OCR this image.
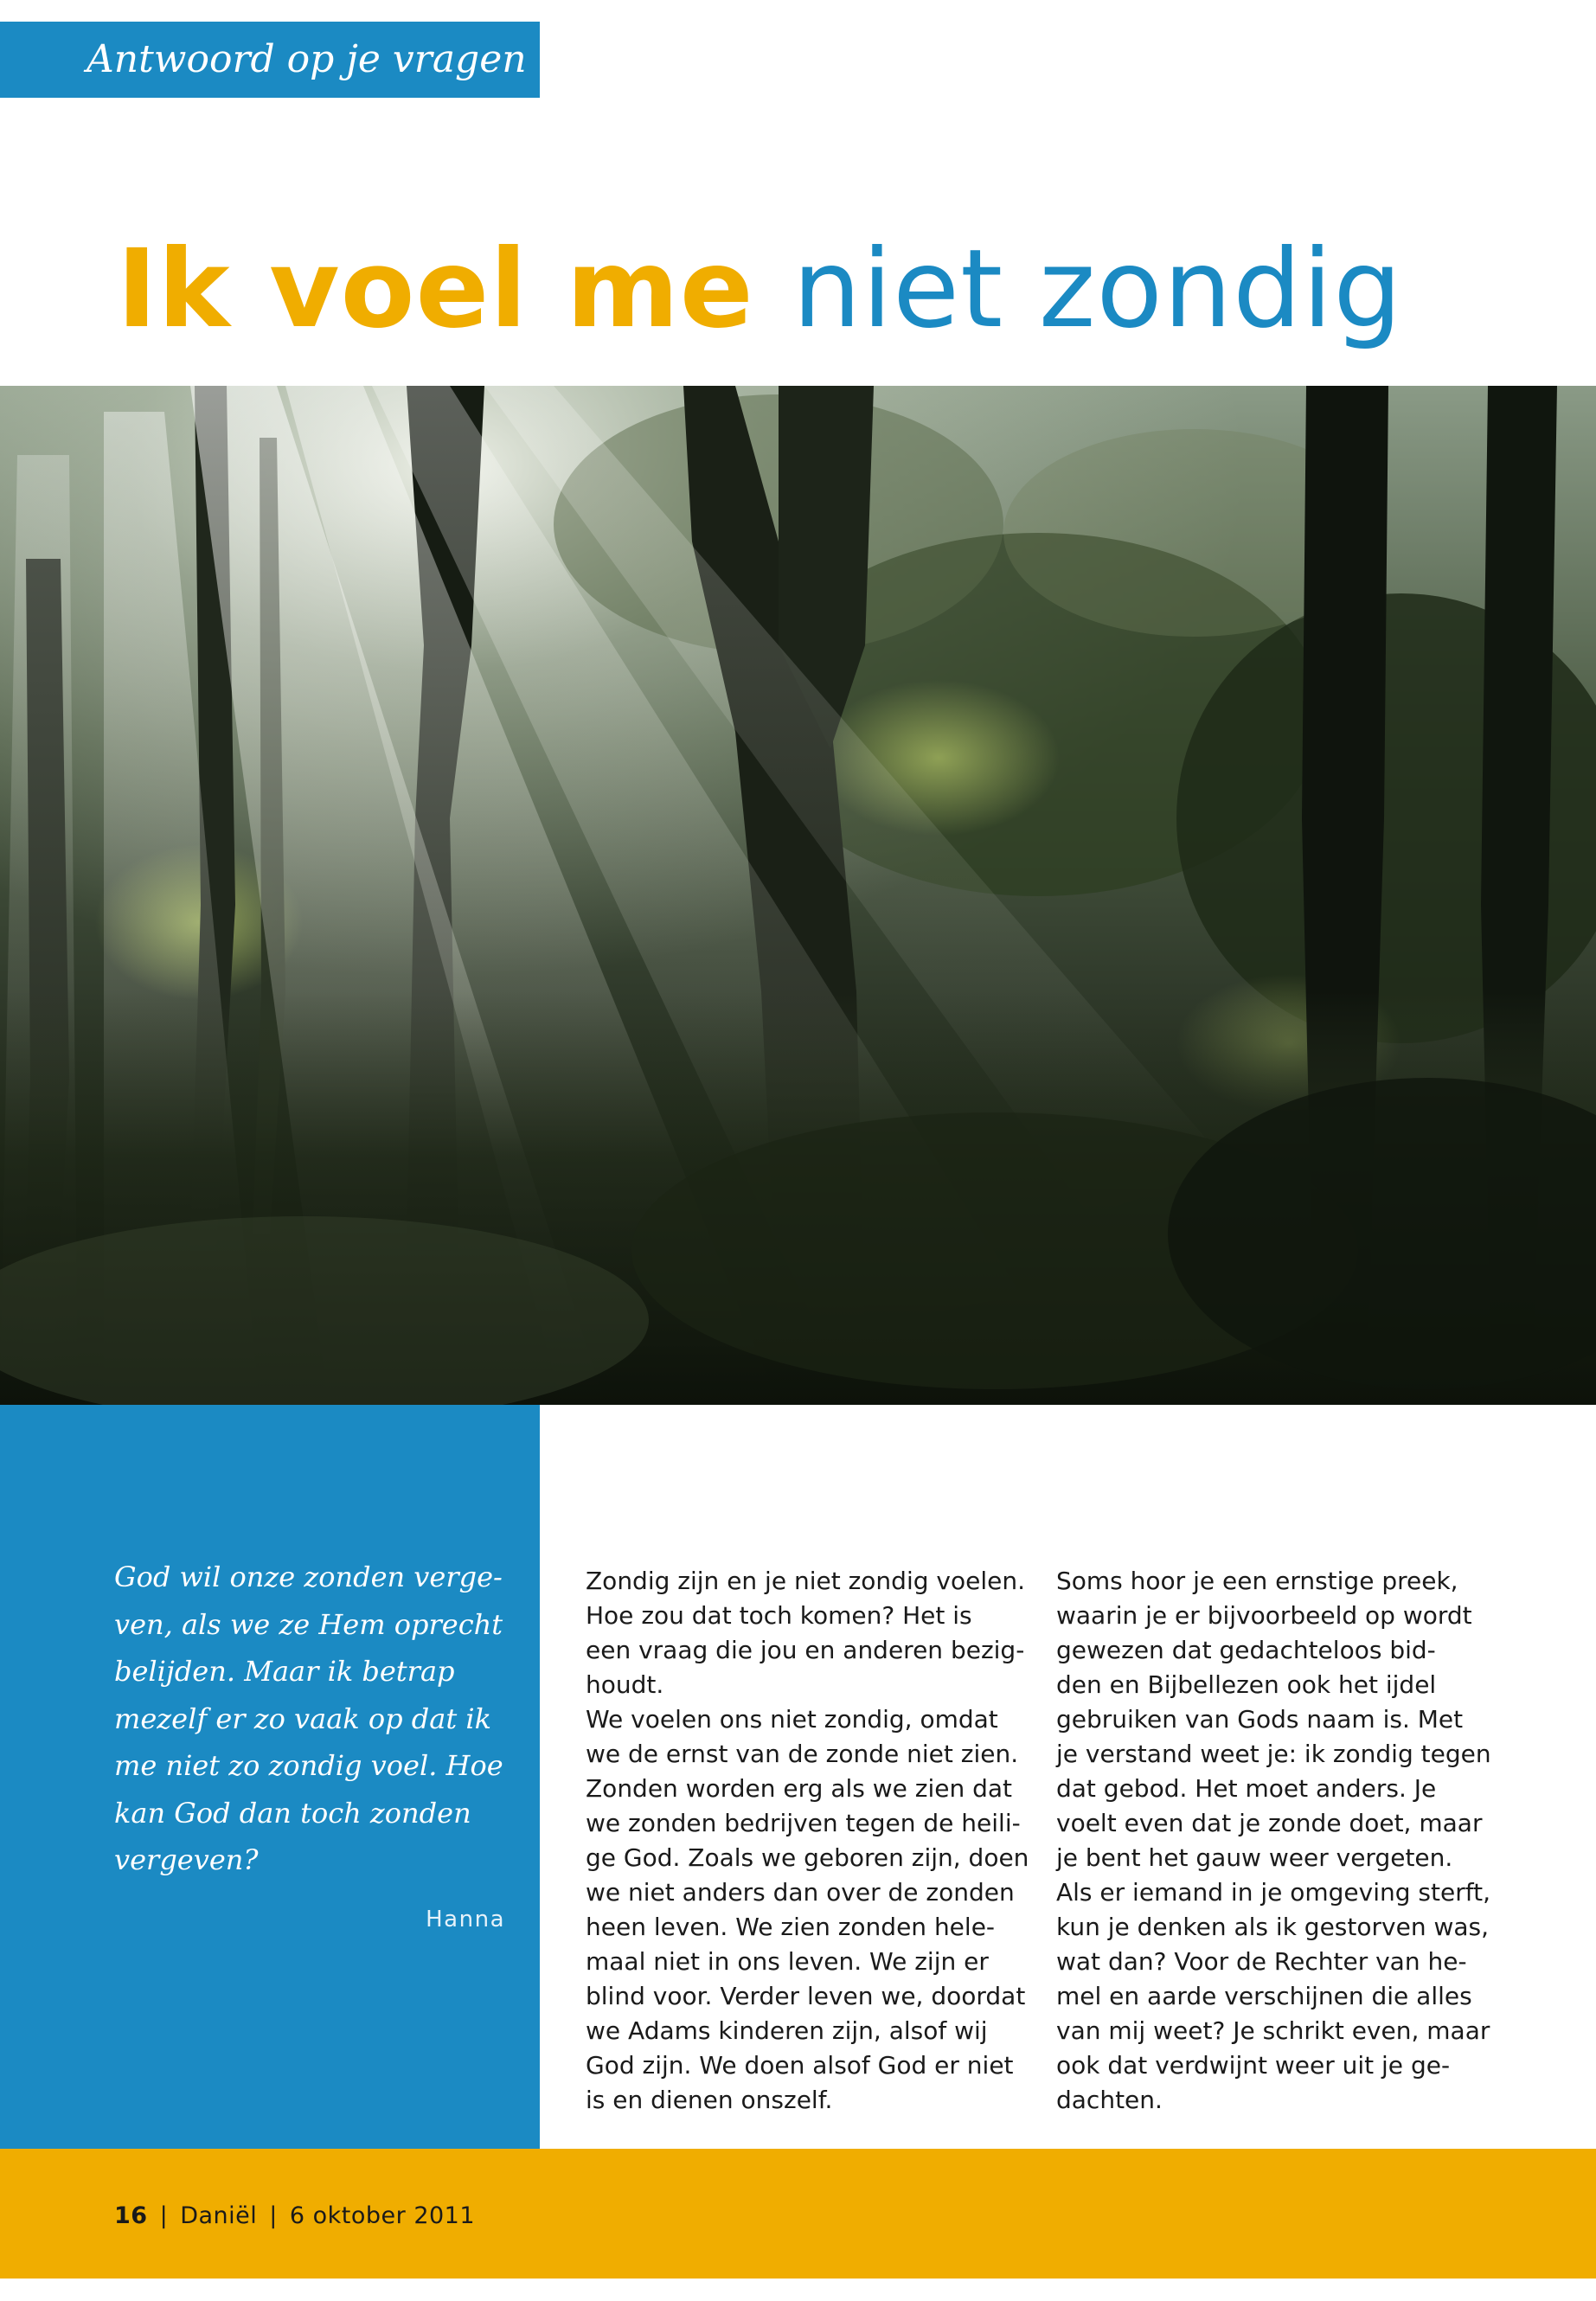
Antwoord op je vragen
Ik voel me niet zondig

God wil onze zonden verge-
ven, als we ze Hem oprecht
belijden. Maar ik betrap
mezelf er zo vaak op dat ik
me niet zo zondig voel. Hoe
kan God dan toch zonden
vergeven?

Hanna

Zondig zijn en je niet zondig voelen.
Hoe zou dat toch komen? Het is
een vraag die jou en anderen bezig-
houdt.
We voelen ons niet zondig, omdat
we de ernst van de zonde niet zien.
Zonden worden erg als we zien dat
we zonden bedrijven tegen de heili-
ge God. Zoals we geboren zijn, doen
we niet anders dan over de zonden
heen leven. We zien zonden hele-
maal niet in ons leven. We zijn er
blind voor. Verder leven we, doordat
we Adams kinderen zijn, alsof wij
God zijn. We doen alsof God er niet
is en dienen onszelf.

Soms hoor je een ernstige preek,
waarin je er bijvoorbeeld op wordt
gewezen dat gedachteloos bid-
den en Bijbellezen ook het ijdel
gebruiken van Gods naam is. Met
je verstand weet je: ik zondig tegen
dat gebod. Het moet anders. Je
voelt even dat je zonde doet, maar
je bent het gauw weer vergeten.
Als er iemand in je omgeving sterft,
kun je denken als ik gestorven was,
wat dan? Voor de Rechter van he-
mel en aarde verschijnen die alles
van mij weet? Je schrikt even, maar
ook dat verdwijnt weer uit je ge-
dachten.

16 | Daniël | 6 oktober 2011
